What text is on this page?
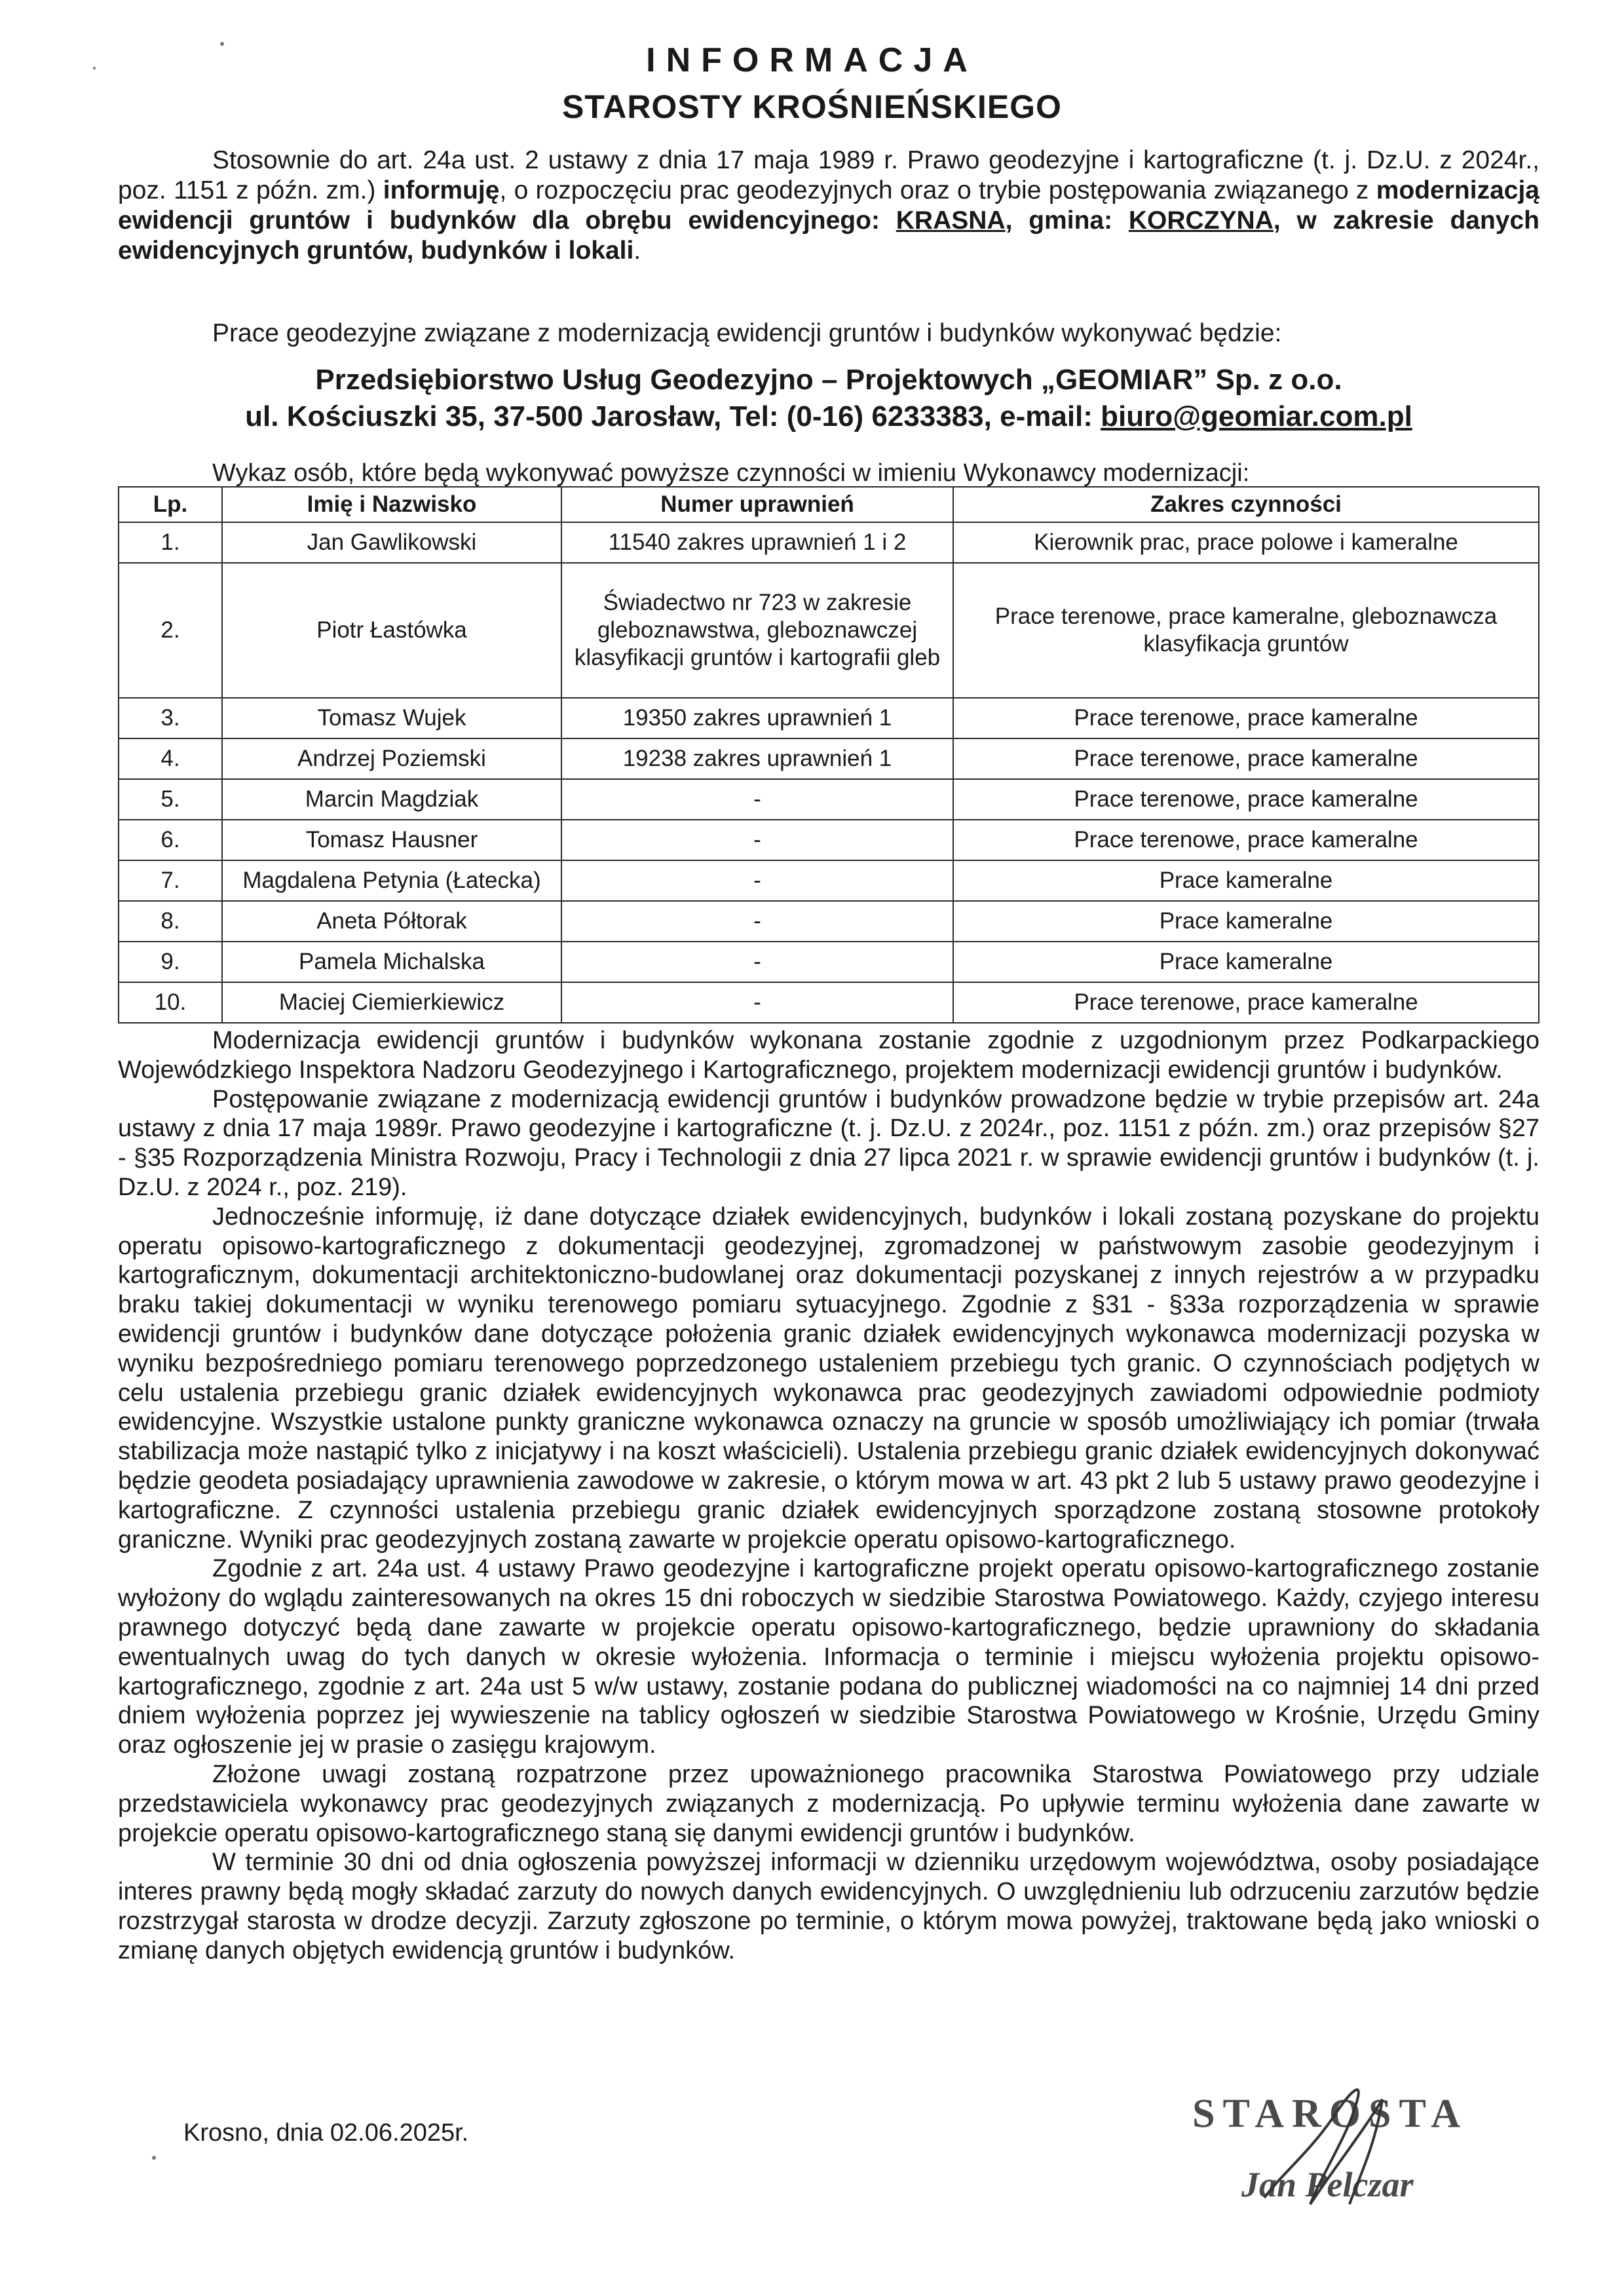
INFORMACJA
STAROSTY KROŚNIEŃSKIEGO
Stosownie do art. 24a ust. 2 ustawy z dnia 17 maja 1989 r. Prawo geodezyjne i kartograficzne (t. j. Dz.U. z 2024r., poz. 1151 z późn. zm.) informuję, o rozpoczęciu prac geodezyjnych oraz o trybie postępowania związanego z modernizacją ewidencji gruntów i budynków dla obrębu ewidencyjnego: KRASNA, gmina: KORCZYNA, w zakresie danych ewidencyjnych gruntów, budynków i lokali.
Prace geodezyjne związane z modernizacją ewidencji gruntów i budynków wykonywać będzie:
Przedsiębiorstwo Usług Geodezyjno – Projektowych „GEOMIAR” Sp. z o.o.
ul. Kościuszki 35, 37-500 Jarosław, Tel: (0-16) 6233383, e-mail: biuro@geomiar.com.pl
Wykaz osób, które będą wykonywać powyższe czynności w imieniu Wykonawcy modernizacji:
Lp.	Imię i Nazwisko	Numer uprawnień	Zakres czynności
1.	Jan Gawlikowski	11540 zakres uprawnień 1 i 2	Kierownik prac, prace polowe i kameralne
2.	Piotr Łastówka	Świadectwo nr 723 w zakresie gleboznawstwa, gleboznawczej klasyfikacji gruntów i kartografii gleb	Prace terenowe, prace kameralne, gleboznawcza klasyfikacja gruntów
3.	Tomasz Wujek	19350 zakres uprawnień 1	Prace terenowe, prace kameralne
4.	Andrzej Poziemski	19238 zakres uprawnień 1	Prace terenowe, prace kameralne
5.	Marcin Magdziak	-	Prace terenowe, prace kameralne
6.	Tomasz Hausner	-	Prace terenowe, prace kameralne
7.	Magdalena Petynia (Łatecka)	-	Prace kameralne
8.	Aneta Półtorak	-	Prace kameralne
9.	Pamela Michalska	-	Prace kameralne
10.	Maciej Ciemierkiewicz	-	Prace terenowe, prace kameralne

Modernizacja ewidencji gruntów i budynków wykonana zostanie zgodnie z uzgodnionym przez Podkarpackiego Wojewódzkiego Inspektora Nadzoru Geodezyjnego i Kartograficznego, projektem modernizacji ewidencji gruntów i budynków.

Postępowanie związane z modernizacją ewidencji gruntów i budynków prowadzone będzie w trybie przepisów art. 24a ustawy z dnia 17 maja 1989r. Prawo geodezyjne i kartograficzne (t. j. Dz.U. z 2024r., poz. 1151 z późn. zm.) oraz przepisów §27 - §35 Rozporządzenia Ministra Rozwoju, Pracy i Technologii z dnia 27 lipca 2021 r. w sprawie ewidencji gruntów i budynków (t. j. Dz.U. z 2024 r., poz. 219).

Jednocześnie informuję, iż dane dotyczące działek ewidencyjnych, budynków i lokali zostaną pozyskane do projektu operatu opisowo-kartograficznego z dokumentacji geodezyjnej, zgromadzonej w państwowym zasobie geodezyjnym i kartograficznym, dokumentacji architektoniczno-budowlanej oraz dokumentacji pozyskanej z innych rejestrów a w przypadku braku takiej dokumentacji w wyniku terenowego pomiaru sytuacyjnego. Zgodnie z §31 - §33a rozporządzenia w sprawie ewidencji gruntów i budynków dane dotyczące położenia granic działek ewidencyjnych wykonawca modernizacji pozyska w wyniku bezpośredniego pomiaru terenowego poprzedzonego ustaleniem przebiegu tych granic. O czynnościach podjętych w celu ustalenia przebiegu granic działek ewidencyjnych wykonawca prac geodezyjnych zawiadomi odpowiednie podmioty ewidencyjne. Wszystkie ustalone punkty graniczne wykonawca oznaczy na gruncie w sposób umożliwiający ich pomiar (trwała stabilizacja może nastąpić tylko z inicjatywy i na koszt właścicieli). Ustalenia przebiegu granic działek ewidencyjnych dokonywać będzie geodeta posiadający uprawnienia zawodowe w zakresie, o którym mowa w art. 43 pkt 2 lub 5 ustawy prawo geodezyjne i kartograficzne. Z czynności ustalenia przebiegu granic działek ewidencyjnych sporządzone zostaną stosowne protokoły graniczne. Wyniki prac geodezyjnych zostaną zawarte w projekcie operatu opisowo-kartograficznego.

Zgodnie z art. 24a ust. 4 ustawy Prawo geodezyjne i kartograficzne projekt operatu opisowo-kartograficznego zostanie wyłożony do wglądu zainteresowanych na okres 15 dni roboczych w siedzibie Starostwa Powiatowego. Każdy, czyjego interesu prawnego dotyczyć będą dane zawarte w projekcie operatu opisowo-kartograficznego, będzie uprawniony do składania ewentualnych uwag do tych danych w okresie wyłożenia. Informacja o terminie i miejscu wyłożenia projektu opisowo-kartograficznego, zgodnie z art. 24a ust 5 w/w ustawy, zostanie podana do publicznej wiadomości na co najmniej 14 dni przed dniem wyłożenia poprzez jej wywieszenie na tablicy ogłoszeń w siedzibie Starostwa Powiatowego w Krośnie, Urzędu Gminy oraz ogłoszenie jej w prasie o zasięgu krajowym.

Złożone uwagi zostaną rozpatrzone przez upoważnionego pracownika Starostwa Powiatowego przy udziale przedstawiciela wykonawcy prac geodezyjnych związanych z modernizacją. Po upływie terminu wyłożenia dane zawarte w projekcie operatu opisowo-kartograficznego staną się danymi ewidencji gruntów i budynków.

W terminie 30 dni od dnia ogłoszenia powyższej informacji w dzienniku urzędowym województwa, osoby posiadające interes prawny będą mogły składać zarzuty do nowych danych ewidencyjnych. O uwzględnieniu lub odrzuceniu zarzutów będzie rozstrzygał starosta w drodze decyzji. Zarzuty zgłoszone po terminie, o którym mowa powyżej, traktowane będą jako wnioski o zmianę danych objętych ewidencją gruntów i budynków.

Krosno, dnia 02.06.2025r.	STAROSTA
Jan Pelczar
